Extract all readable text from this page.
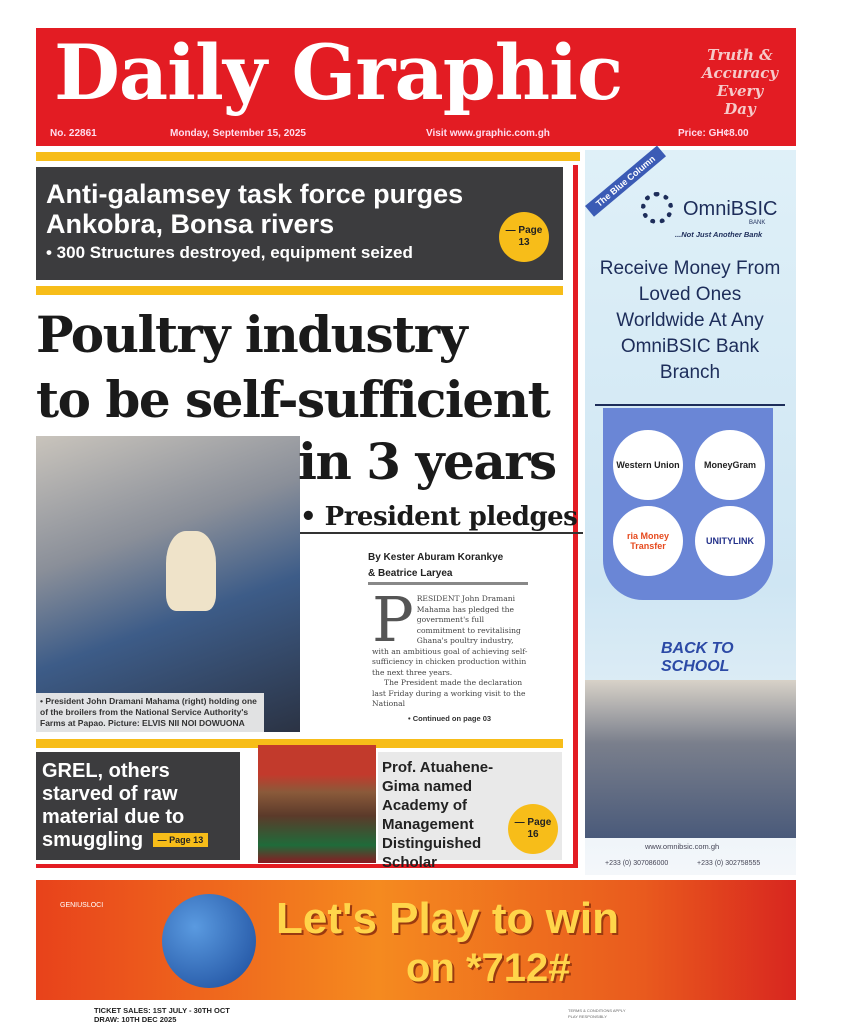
Daily Graphic	Truth & Accuracy Every Day
No. 22861	Monday, September 15, 2025	Visit www.graphic.com.gh	Price: GH¢8.00
Anti-galamsey task force purges Ankobra, Bonsa rivers

• 300 Structures destroyed, equipment seized

— Page 13
Poultry industry
to be self-sufficient
• President John Dramani Mahama (right) holding one of the broilers from the National Service Authority's Farms at Papao. Picture: ELVIS NII NOI DOWUONA
in 3 years
• President pledges
By Kester Aburam Korankye
& Beatrice Laryea
P RESIDENT John Dramani Mahama has pledged the government's full commitment to revitalising Ghana's poultry industry, with an ambitious goal of achieving self-sufficiency in chicken production within the next three years.

The President made the declaration last Friday during a working visit to the National

• Continued on page 03
GREL, others starved of raw material due to smuggling — Page 13
Prof. Atuahene-Gima named Academy of Management Distinguished Scholar
— Page 16
The Blue Column
OmniBSIC
BANK
...Not Just Another Bank
Receive Money From Loved Ones Worldwide At Any OmniBSIC Bank Branch
Western Union	MoneyGram
ria Money Transfer	UNITYLINK
BACK TO SCHOOL
www.omnibsic.com.gh
+233 (0) 307086000	+233 (0) 302758555
GENIUSLOCI	Let's Play to win
on *712#
TICKET SALES: 1ST JULY - 30TH OCT
DRAW: 10TH DEC 2025
TERMS & CONDITIONS APPLY
PLAY RESPONSIBLY
